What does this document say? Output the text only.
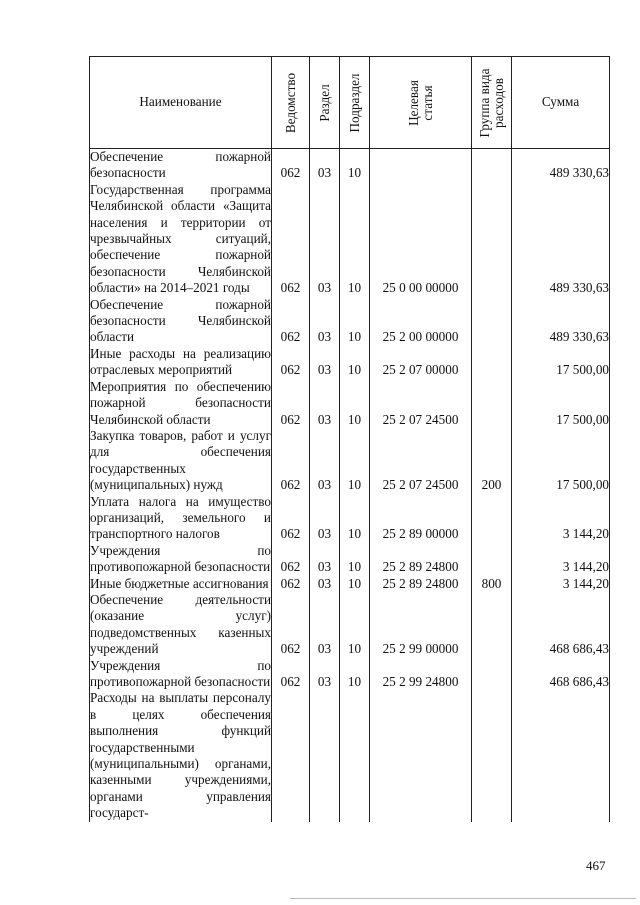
Наименование	Ведомство	Раздел	Подраздел	Целевая статья	Группа вида расходов	Сумма
Обеспечение пожарной безопасности	062	03	10			489 330,63
Государственная программа Челябинской области «Защита населения и территории от чрезвычайных ситуаций, обеспечение пожарной безопасности Челябинской области» на 2014–2021 годы	062	03	10	25 0 00 00000		489 330,63
Обеспечение пожарной безопасности Челябинской области	062	03	10	25 2 00 00000		489 330,63
Иные расходы на реализацию отраслевых мероприятий	062	03	10	25 2 07 00000		17 500,00
Мероприятия по обеспечению пожарной безопасности Челябинской области	062	03	10	25 2 07 24500		17 500,00
Закупка товаров, работ и услуг для обеспечения государственных (муниципальных) нужд	062	03	10	25 2 07 24500	200	17 500,00
Уплата налога на имущество организаций, земельного и транспортного налогов	062	03	10	25 2 89 00000		3 144,20
Учреждения по противопожарной безопасности	062	03	10	25 2 89 24800		3 144,20
Иные бюджетные ассигнования	062	03	10	25 2 89 24800	800	3 144,20
Обеспечение деятельности (оказание услуг) подведомственных казенных учреждений	062	03	10	25 2 99 00000		468 686,43
Учреждения по противопожарной безопасности	062	03	10	25 2 99 24800		468 686,43
Расходы на выплаты персоналу в целях обеспечения выполнения функций государственными (муниципальными) органами, казенными учреждениями, органами управления государст-						
467
